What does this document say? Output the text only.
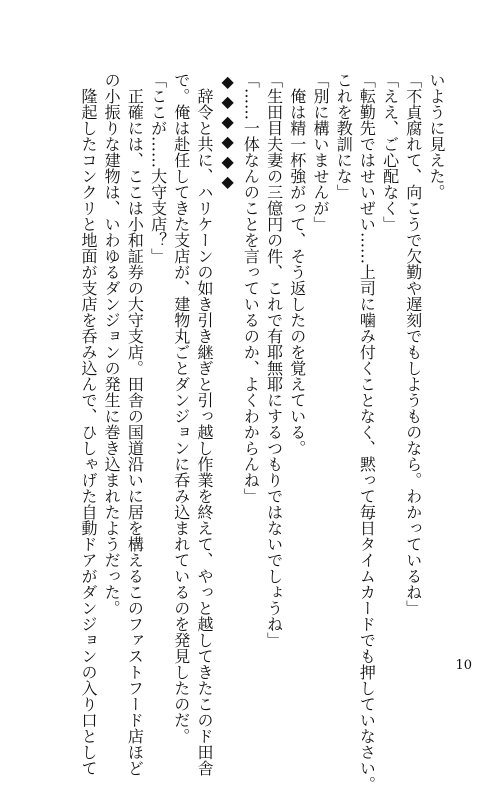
いように見えた。
「不貞腐れて、向こうで欠勤や遅刻でもしようものなら。わかっているね」
「ええ、ご心配なく」
「転勤先ではせいぜい……上司に噛み付くことなく、黙って毎日タイムカードでも押していなさい。
これを教訓にな」
「別に構いませんが」
　俺は精一杯強がって、そう返したのを覚えている。
「生田目夫妻の三億円の件、これで有耶無耶にするつもりではないでしょうね」
「……一体なんのことを言っているのか、よくわからんね」
◆◆◆◆◆◆
　辞令と共に、ハリケーンの如き引き継ぎと引っ越し作業を終えて、やっと越してきたこのド田舎
で。俺は赴任してきた支店が、建物丸ごとダンジョンに呑み込まれているのを発見したのだ。
「ここが……大守支店？」
　正確には、ここは小和証券の大守支店。田舎の国道沿いに居を構えるこのファストフード店ほど
の小振りな建物は、いわゆるダンジョンの発生に巻き込まれたようだった。
　隆起したコンクリと地面が支店を呑み込んで、ひしゃげた自動ドアがダンジョンの入り口として	10
